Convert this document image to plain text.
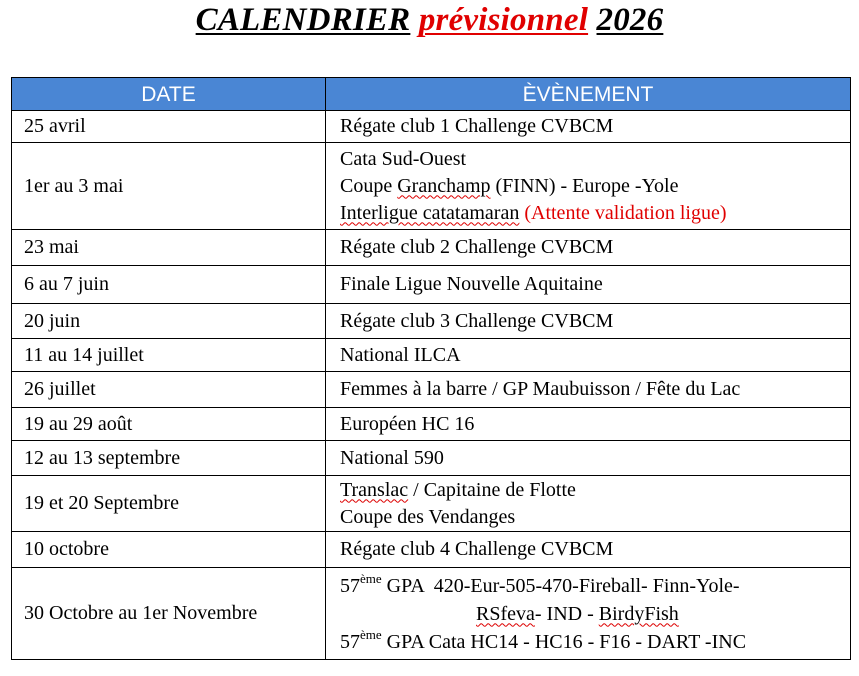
CALENDRIER prévisionnel 2026
DATE	ÈVÈNEMENT
25 avril	Régate club 1 Challenge CVBCM
1er au 3 mai	Cata Sud-Ouest
Coupe Granchamp (FINN) - Europe -Yole
Interligue catatamaran (Attente validation ligue)

23 mai	Régate club 2 Challenge CVBCM
6 au 7 juin	Finale Ligue Nouvelle Aquitaine
20 juin	Régate club 3 Challenge CVBCM
11 au 14 juillet	National ILCA
26 juillet	Femmes à la barre / GP Maubuisson / Fête du Lac
19 au 29 août	Européen HC 16
12 au 13 septembre	National 590
19 et 20 Septembre	Translac / Capitaine de Flotte
Coupe des Vendanges

10 octobre	Régate club 4 Challenge CVBCM
30 Octobre au 1er Novembre	57ème GPA  420-Eur-505-470-Fireball- Finn-Yole-
RSfeva- IND - BirdyFish
57ème GPA Cata HC14 - HC16 - F16 - DART -INC
